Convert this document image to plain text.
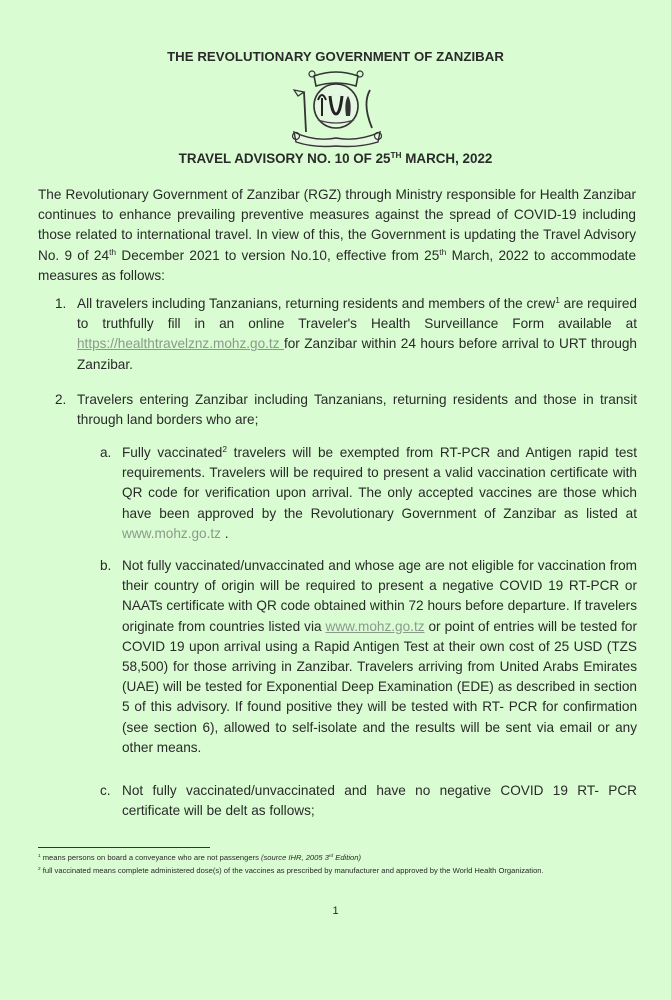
THE REVOLUTIONARY GOVERNMENT OF ZANZIBAR
TRAVEL ADVISORY NO. 10 OF 25TH MARCH, 2022
The Revolutionary Government of Zanzibar (RGZ) through Ministry responsible for Health Zanzibar continues to enhance prevailing preventive measures against the spread of COVID-19 including those related to international travel. In view of this, the Government is updating the Travel Advisory No. 9 of 24th December 2021 to version No.10, effective from 25th March, 2022 to accommodate measures as follows:
1. All travelers including Tanzanians, returning residents and members of the crew$^1$ are required to truthfully fill in an online Traveler's Health Surveillance Form available at https://healthtravelznz.mohz.go.tz for Zanzibar within 24 hours before arrival to URT through Zanzibar.
2. Travelers entering Zanzibar including Tanzanians, returning residents and those in transit through land borders who are;
a. Fully vaccinated$^2$ travelers will be exempted from RT-PCR and Antigen rapid test requirements. Travelers will be required to present a valid vaccination certificate with QR code for verification upon arrival. The only accepted vaccines are those which have been approved by the Revolutionary Government of Zanzibar as listed at www.mohz.go.tz .
b. Not fully vaccinated/unvaccinated and whose age are not eligible for vaccination from their country of origin will be required to present a negative COVID 19 RT-PCR or NAATs certificate with QR code obtained within 72 hours before departure. If travelers originate from countries listed via www.mohz.go.tz or point of entries will be tested for COVID 19 upon arrival using a Rapid Antigen Test at their own cost of 25 USD (TZS 58,500) for those arriving in Zanzibar. Travelers arriving from United Arabs Emirates (UAE) will be tested for Exponential Deep Examination (EDE) as described in section 5 of this advisory. If found positive they will be tested with RT- PCR for confirmation (see section 6), allowed to self-isolate and the results will be sent via email or any other means.
c. Not fully vaccinated/unvaccinated and have no negative COVID 19 RT- PCR certificate will be delt as follows;
$^1$ means persons on board a conveyance who are not passengers (source IHR, 2005 3rd Edition)
$^2$ full vaccinated means complete administered dose(s) of the vaccines as prescribed by manufacturer and approved by the World Health Organization.
1
